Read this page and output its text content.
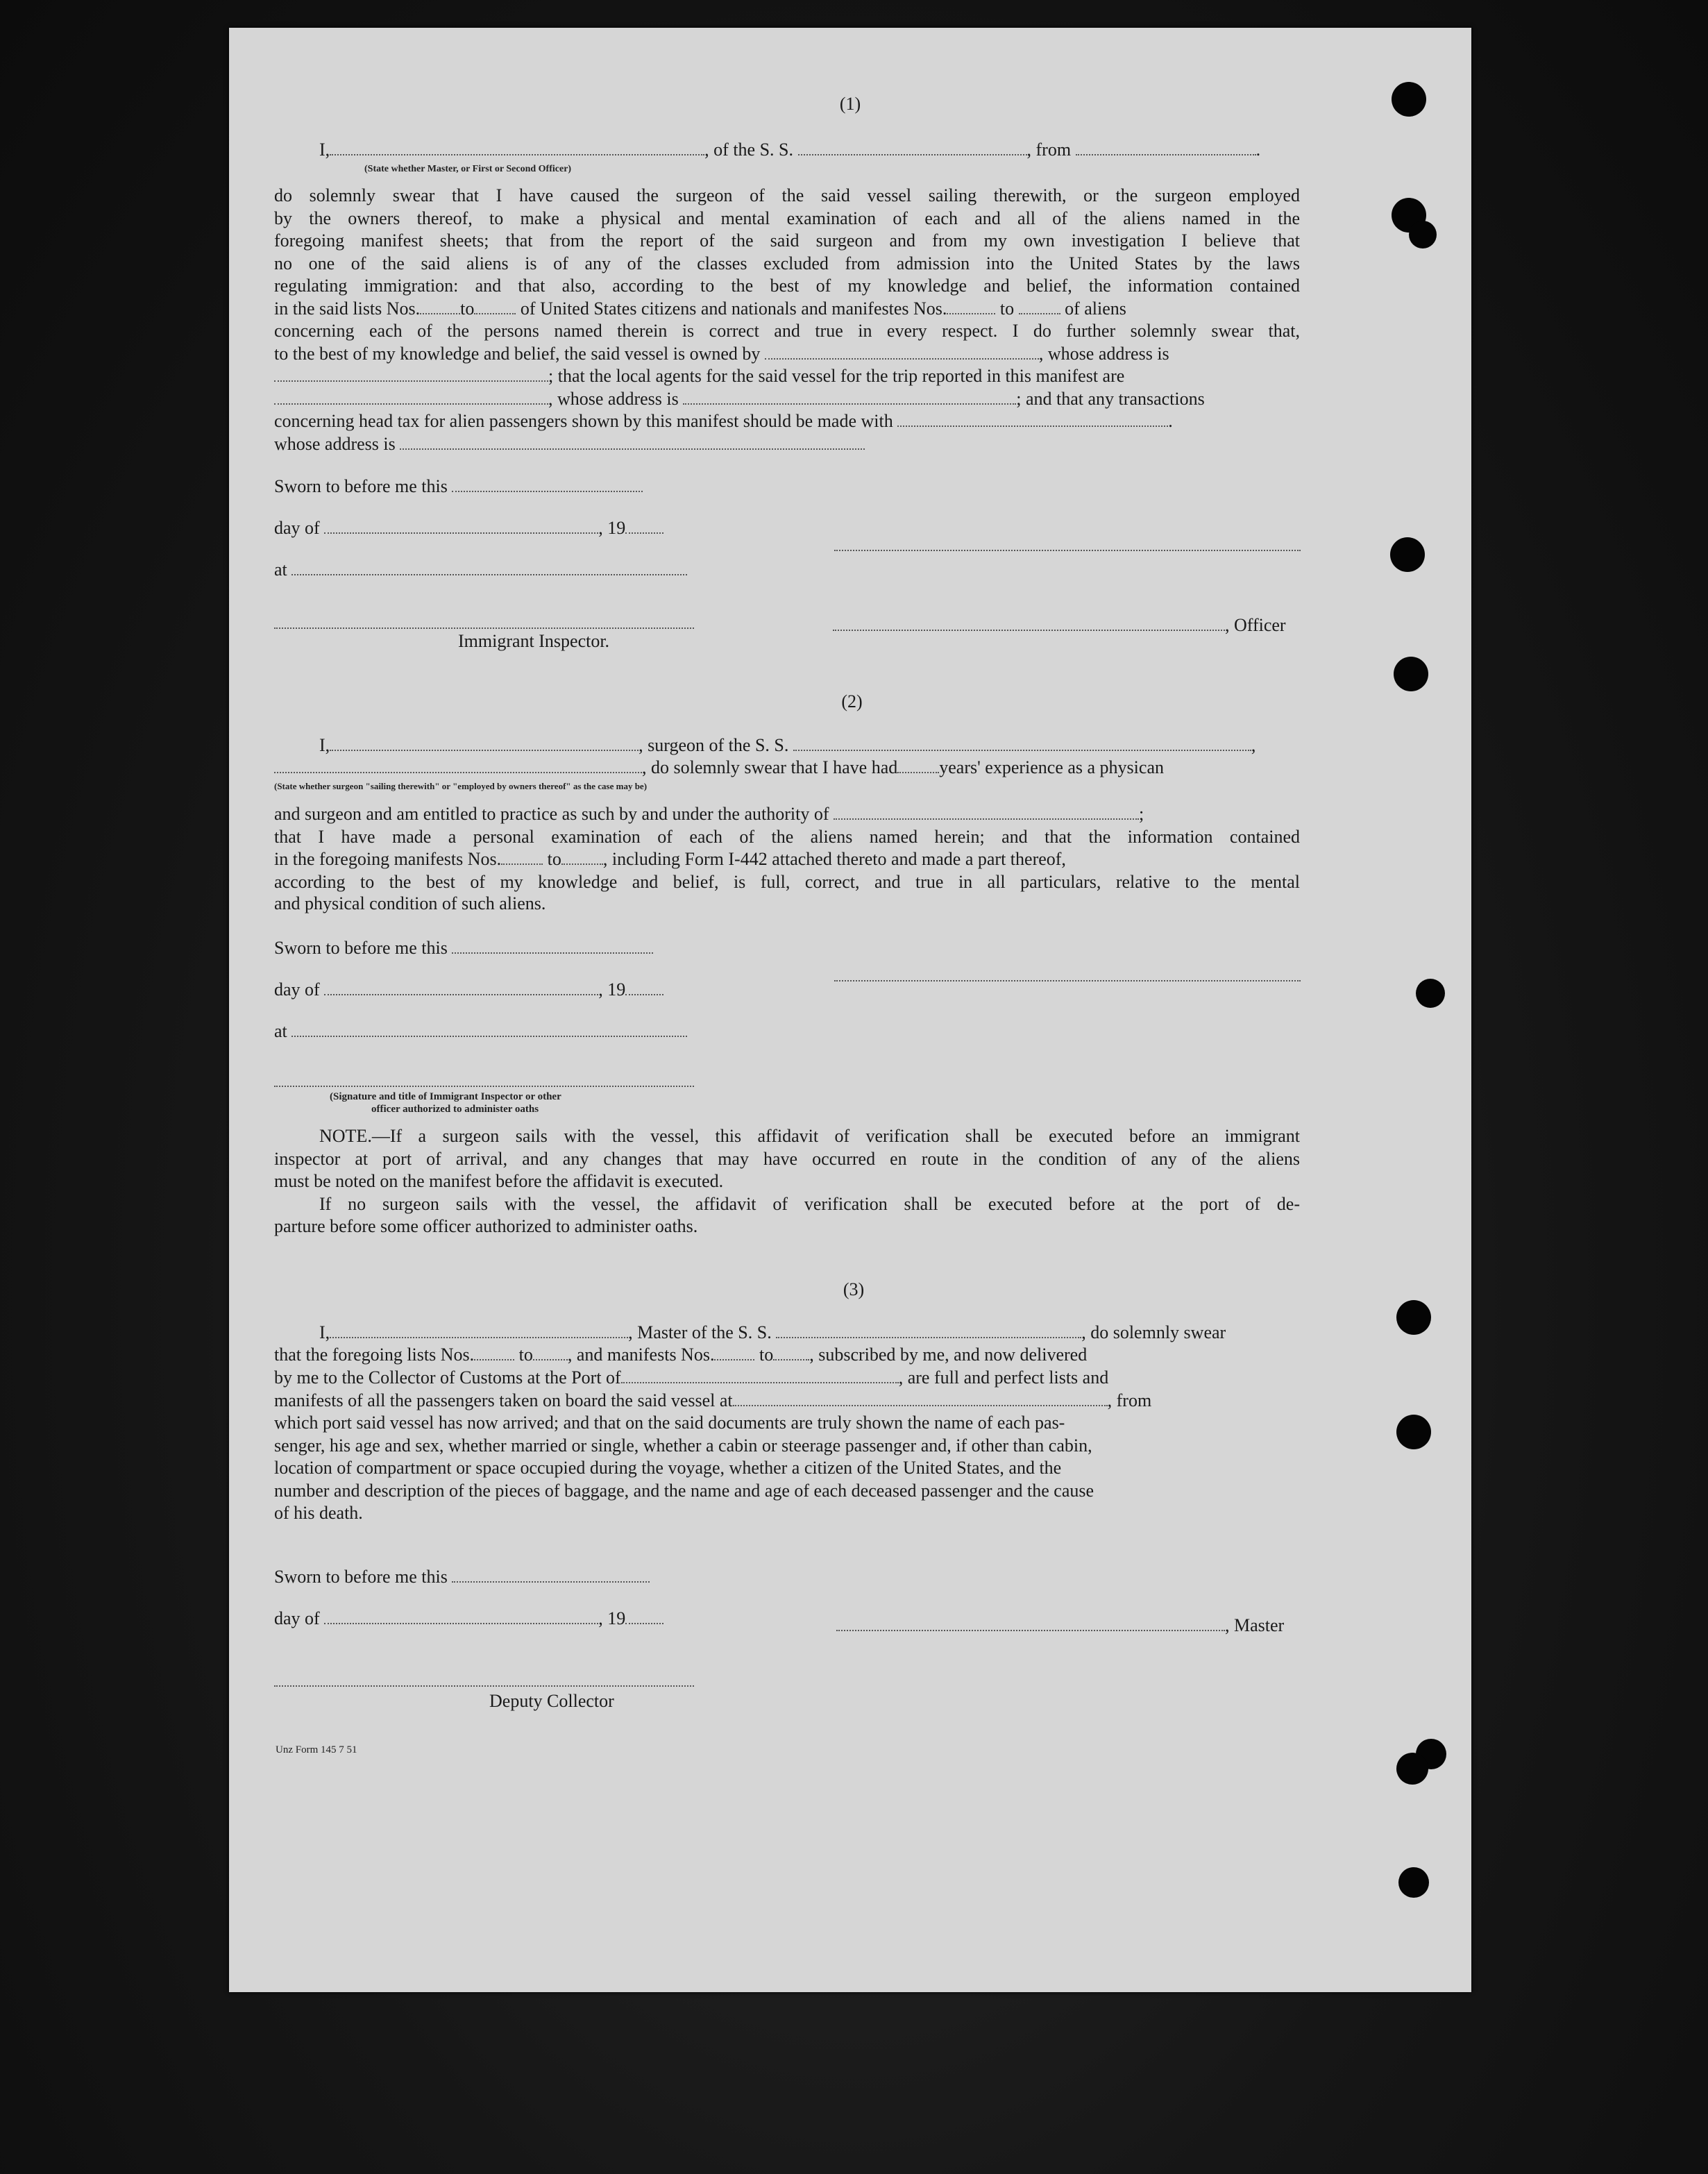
(1)
I,	, of the S. S.	, from	.
(State whether Master, or First or Second Officer)
do solemnly swear that I have caused the surgeon of the said vessel sailing therewith, or the surgeon employed
by the owners thereof, to make a physical and mental examination of each and all of the aliens named in the
foregoing manifest sheets; that from the report of the said surgeon and from my own investigation I believe that
no one of the said aliens is of any of the classes excluded from admission into the United States by the laws
regulating immigration: and that also, according to the best of my knowledge and belief, the information contained
in the said lists Nos. to	of United States citizens and nationals and manifestes Nos.	to	of aliens
concerning each of the persons named therein is correct and true in every respect. I do further solemnly swear that,
to the best of my knowledge and belief, the said vessel is owned by	, whose address is
; that the local agents for the said vessel for the trip reported in this manifest are
, whose address is	; and that any transactions
concerning head tax for alien passengers shown by this manifest should be made with	.
whose address is
Sworn to before me this
day of	, 19
at
, Officer
Immigrant Inspector.
(2)
I,	, surgeon of the S. S.	,
, do solemnly swear that I have had years' experience as a physican
(State whether surgeon "sailing therewith" or "employed by owners thereof" as the case may be)
and surgeon and am entitled to practice as such by and under the authority of	;
that I have made a personal examination of each of the aliens named herein; and that the information contained
in the foregoing manifests Nos.	to , including Form I-442 attached thereto and made a part thereof,
according to the best of my knowledge and belief, is full, correct, and true in all particulars, relative to the mental
and physical condition of such aliens.
Sworn to before me this
day of	, 19
at
(Signature and title of Immigrant Inspector or other
officer authorized to administer oaths
NOTE.—If a surgeon sails with the vessel, this affidavit of verification shall be executed before an immigrant
inspector at port of arrival, and any changes that may have occurred en route in the condition of any of the aliens
must be noted on the manifest before the affidavit is executed.
If no surgeon sails with the vessel, the affidavit of verification shall be executed before at the port of de-
parture before some officer authorized to administer oaths.
(3)
I,	, Master of the S. S.	, do solemnly swear
that the foregoing lists Nos. to , and manifests Nos. to , subscribed by me, and now delivered
by me to the Collector of Customs at the Port of	, are full and perfect lists and
manifests of all the passengers taken on board the said vessel at	, from
which port said vessel has now arrived; and that on the said documents are truly shown the name of each pas-
senger, his age and sex, whether married or single, whether a cabin or steerage passenger and, if other than cabin,
location of compartment or space occupied during the voyage, whether a citizen of the United States, and the
number and description of the pieces of baggage, and the name and age of each deceased passenger and the cause
of his death.
Sworn to before me this
day of	, 19	, Master
Deputy Collector
Unz Form 145 7 51
